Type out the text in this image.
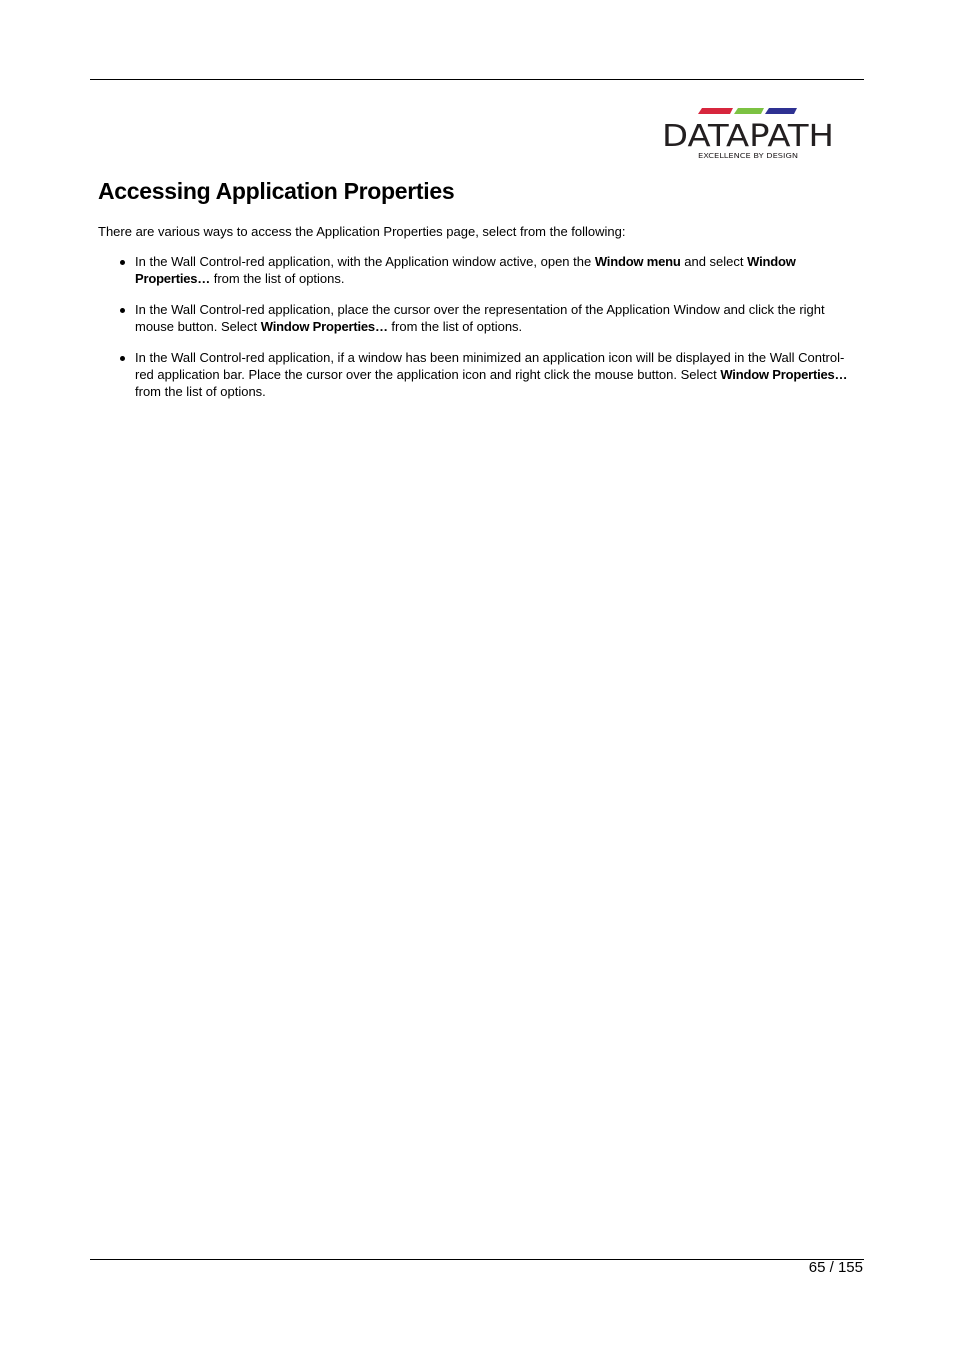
DATAPATH
EXCELLENCE BY DESIGN
Accessing Application Properties

There are various ways to access the Application Properties page, select from the following:

In the Wall Control-red application, with the Application window active, open the Window menu and select Window Properties… from the list of options.
In the Wall Control-red application, place the cursor over the representation of the Application Window and click the right mouse button. Select Window Properties… from the list of options.
In the Wall Control-red application, if a window has been minimized an application icon will be displayed in the Wall Control-red application bar. Place the cursor over the application icon and right click the mouse button. Select Window Properties… from the list of options.
65 / 155
